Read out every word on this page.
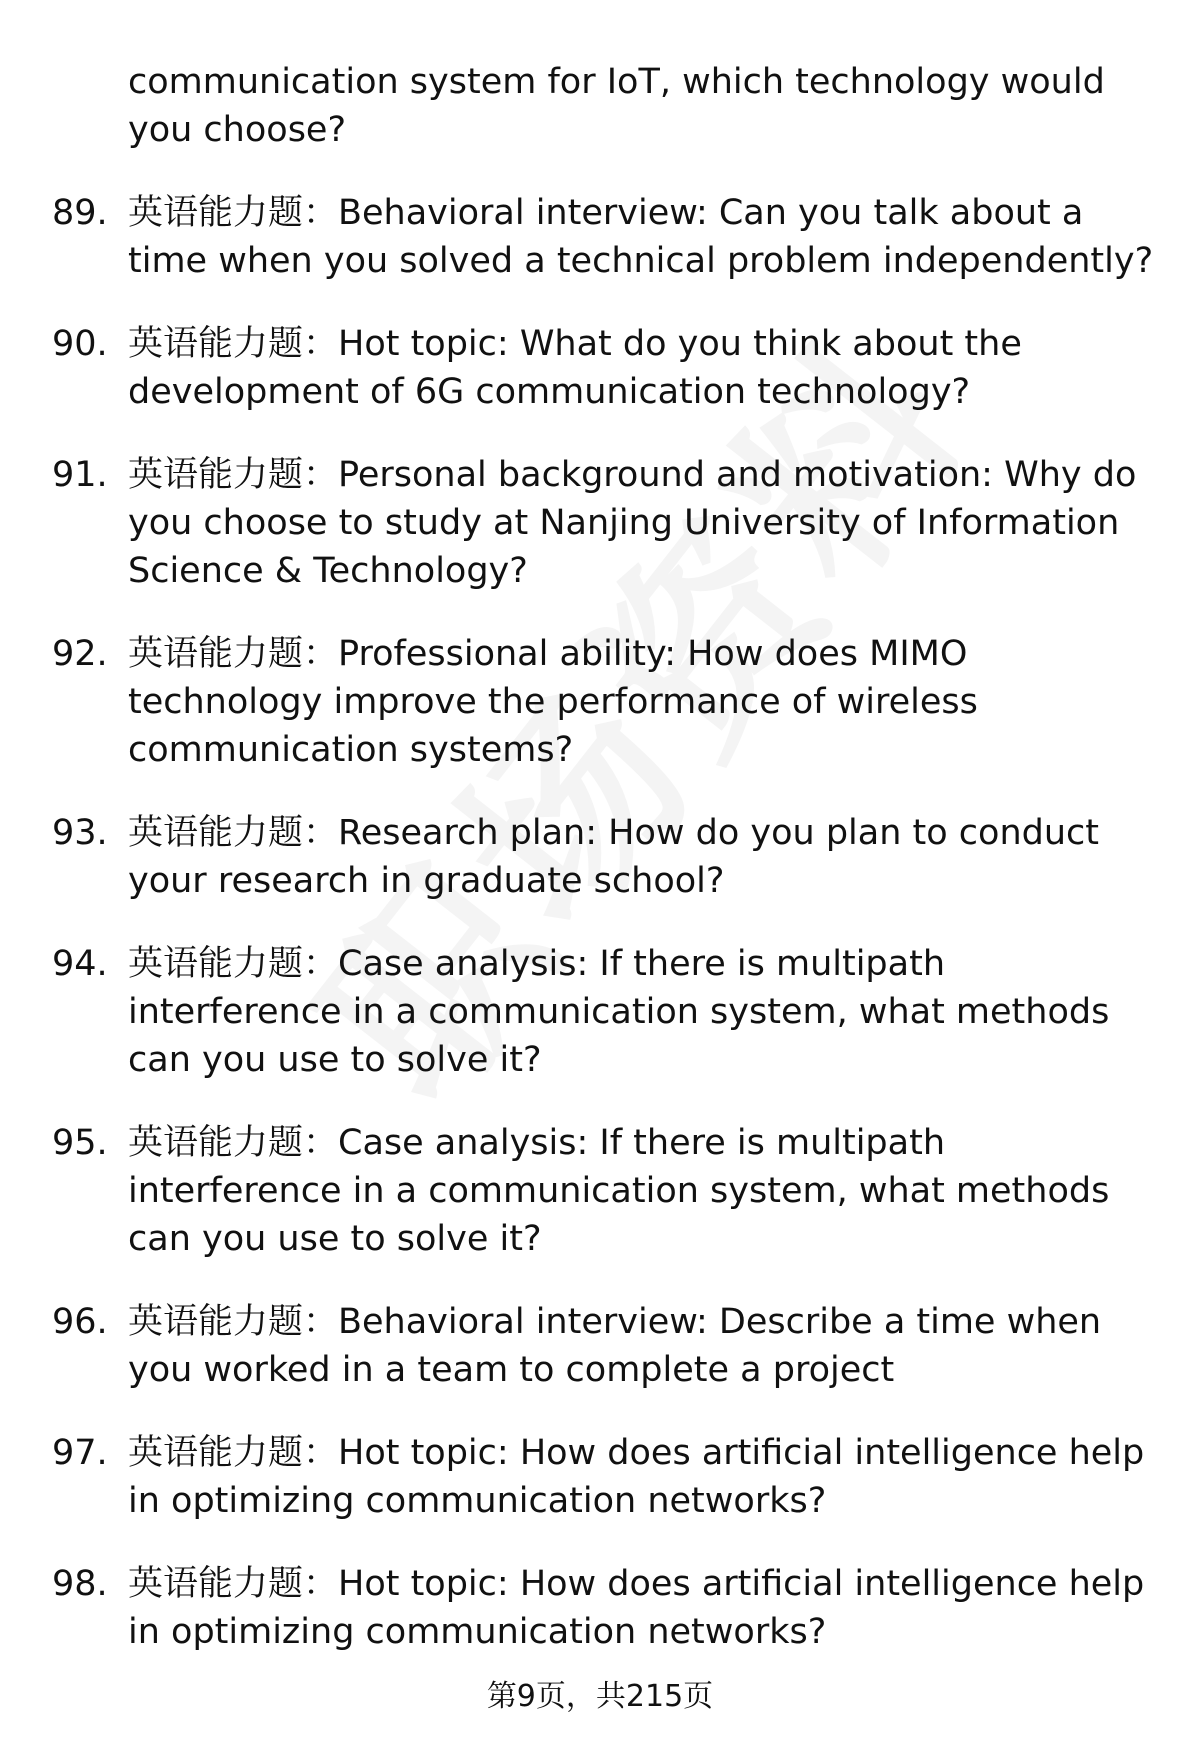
communication system for IoT, which technology would you choose?
89. 英语能力题：Behavioral interview: Can you talk about a time when you solved a technical problem independently?
90. 英语能力题：Hot topic: What do you think about the development of 6G communication technology?
91. 英语能力题：Personal background and motivation: Why do you choose to study at Nanjing University of Information Science & Technology?
92. 英语能力题：Professional ability: How does MIMO technology improve the performance of wireless communication systems?
93. 英语能力题：Research plan: How do you plan to conduct your research in graduate school?
94. 英语能力题：Case analysis: If there is multipath interference in a communication system, what methods can you use to solve it?
95. 英语能力题：Case analysis: If there is multipath interference in a communication system, what methods can you use to solve it?
96. 英语能力题：Behavioral interview: Describe a time when you worked in a team to complete a project
97. 英语能力题：Hot topic: How does artificial intelligence help in optimizing communication networks?
98. 英语能力题：Hot topic: How does artificial intelligence help in optimizing communication networks?
第9页，共215页
